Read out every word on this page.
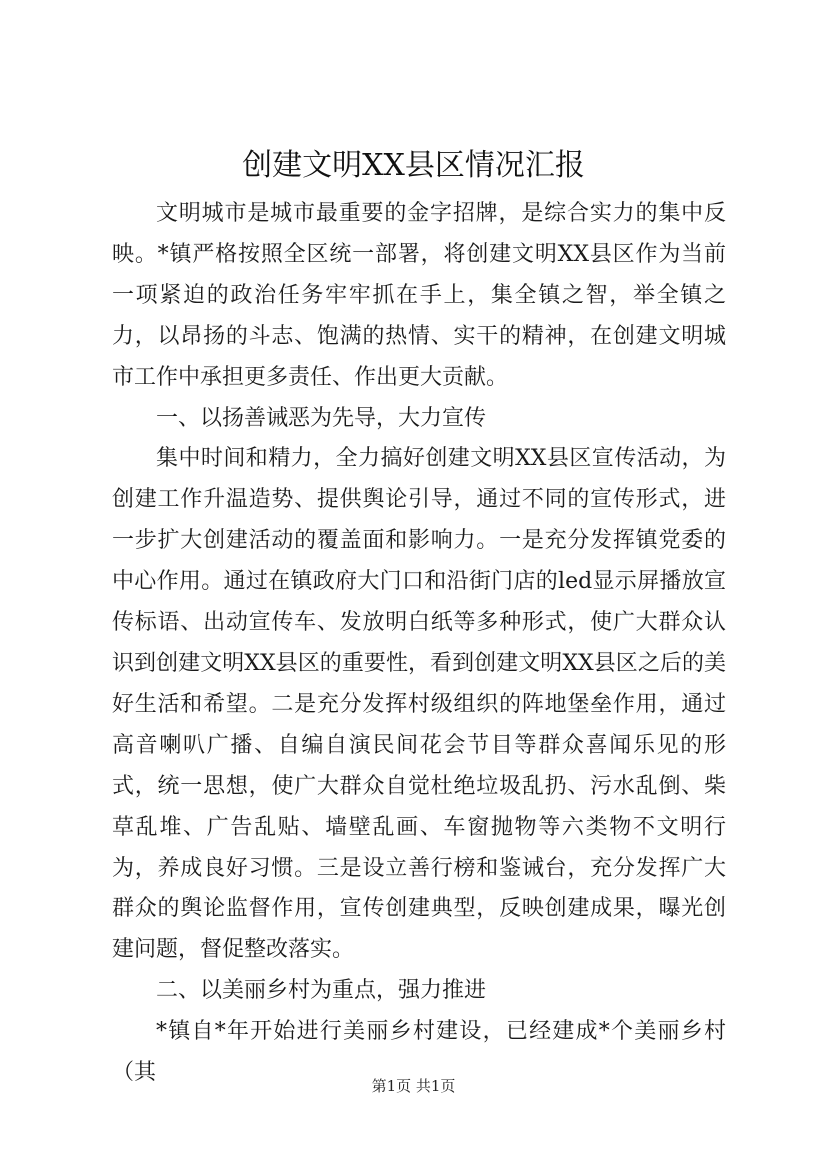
创建文明XX县区情况汇报

文明城市是城市最重要的金字招牌，是综合实力的集中反映。*镇严格按照全区统一部署，将创建文明XX县区作为当前一项紧迫的政治任务牢牢抓在手上，集全镇之智，举全镇之力，以昂扬的斗志、饱满的热情、实干的精神，在创建文明城市工作中承担更多责任、作出更大贡献。

一、以扬善诫恶为先导，大力宣传

集中时间和精力，全力搞好创建文明XX县区宣传活动，为创建工作升温造势、提供舆论引导，通过不同的宣传形式，进一步扩大创建活动的覆盖面和影响力。一是充分发挥镇党委的中心作用。通过在镇政府大门口和沿街门店的led显示屏播放宣传标语、出动宣传车、发放明白纸等多种形式，使广大群众认识到创建文明XX县区的重要性，看到创建文明XX县区之后的美好生活和希望。二是充分发挥村级组织的阵地堡垒作用，通过高音喇叭广播、自编自演民间花会节目等群众喜闻乐见的形式，统一思想，使广大群众自觉杜绝垃圾乱扔、污水乱倒、柴草乱堆、广告乱贴、墙壁乱画、车窗抛物等六类物不文明行为，养成良好习惯。三是设立善行榜和鉴诫台，充分发挥广大群众的舆论监督作用，宣传创建典型，反映创建成果，曝光创建问题，督促整改落实。

二、以美丽乡村为重点，强力推进

*镇自*年开始进行美丽乡村建设，已经建成*个美丽乡村（其

第1页 共1页
